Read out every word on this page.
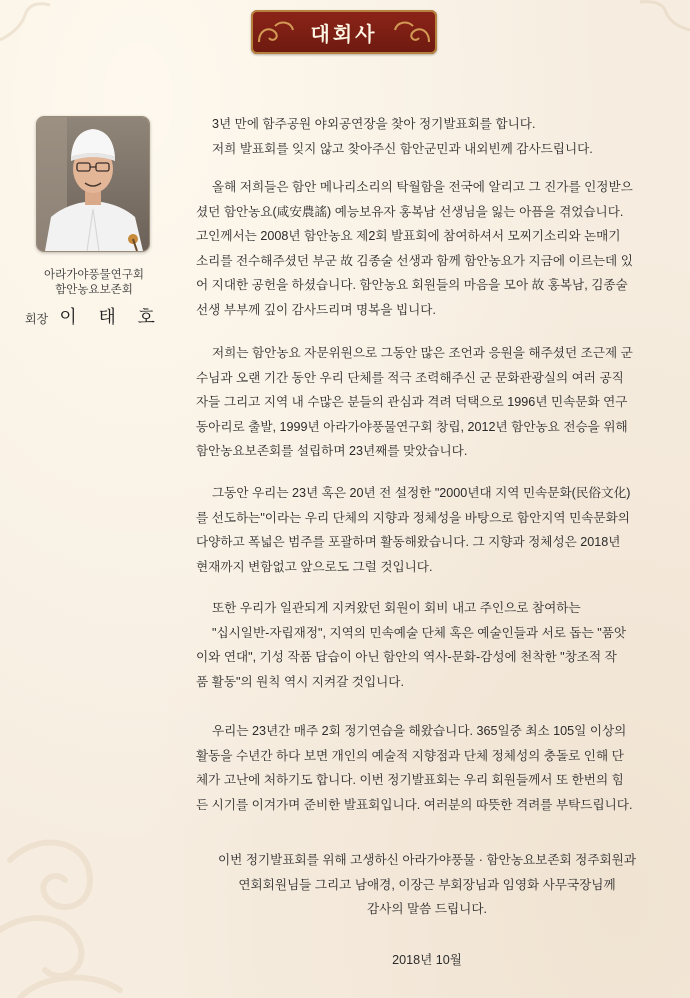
대회사
아라가야풍물연구회
함안농요보존회
회장 이 태 호
3년 만에 함주공원 야외공연장을 찾아 정기발표회를 합니다.
저희 발표회를 잊지 않고 찾아주신 함안군민과 내외빈께 감사드립니다.
올해 저희들은 함안 메나리소리의 탁월함을 전국에 알리고 그 진가를 인정받으
셨던 함안농요(咸安農謠) 예능보유자 홍복남 선생님을 잃는 아픔을 겪었습니다.
고인께서는 2008년 함안농요 제2회 발표회에 참여하셔서 모찌기소리와 논매기
소리를 전수해주셨던 부군 故 김종술 선생과 함께 함안농요가 지금에 이르는데 있
어 지대한 공헌을 하셨습니다. 함안농요 회원들의 마음을 모아 故 홍복남, 김종술
선생 부부께 깊이 감사드리며 명복을 빕니다.
저희는 함안농요 자문위원으로 그동안 많은 조언과 응원을 해주셨던 조근제 군
수님과 오랜 기간 동안 우리 단체를 적극 조력해주신 군 문화관광실의 여러 공직
자들 그리고 지역 내 수많은 분들의 관심과 격려 덕택으로 1996년 민속문화 연구
동아리로 출발, 1999년 아라가야풍물연구회 창립, 2012년 함안농요 전승을 위해
함안농요보존회를 설립하며 23년째를 맞았습니다.
그동안 우리는 23년 혹은 20년 전 설정한 "2000년대 지역 민속문화(民俗文化)
를 선도하는"이라는 우리 단체의 지향과 정체성을 바탕으로 함안지역 민속문화의
다양하고 폭넓은 범주를 포괄하며 활동해왔습니다. 그 지향과 정체성은 2018년
현재까지 변함없고 앞으로도 그럴 것입니다.
또한 우리가 일관되게 지켜왔던 회원이 회비 내고 주인으로 참여하는
"십시일반-자립재정", 지역의 민속예술 단체 혹은 예술인들과 서로 돕는 "품앗
이와 연대", 기성 작품 답습이 아닌 함안의 역사-문화-감성에 천착한 "창조적 작
품 활동"의 원칙 역시 지켜갈 것입니다.
우리는 23년간 매주 2회 정기연습을 해왔습니다. 365일중 최소 105일 이상의
활동을 수년간 하다 보면 개인의 예술적 지향점과 단체 정체성의 충돌로 인해 단
체가 고난에 처하기도 합니다. 이번 정기발표회는 우리 회원들께서 또 한번의 힘
든 시기를 이겨가며 준비한 발표회입니다. 여러분의 따뜻한 격려를 부탁드립니다.
이번 정기발표회를 위해 고생하신 아라가야풍물 · 함안농요보존회 정주회원과
연회회원님들 그리고 남애경, 이장근 부회장님과 임영화 사무국장님께
감사의 말씀 드립니다.
2018년 10월
